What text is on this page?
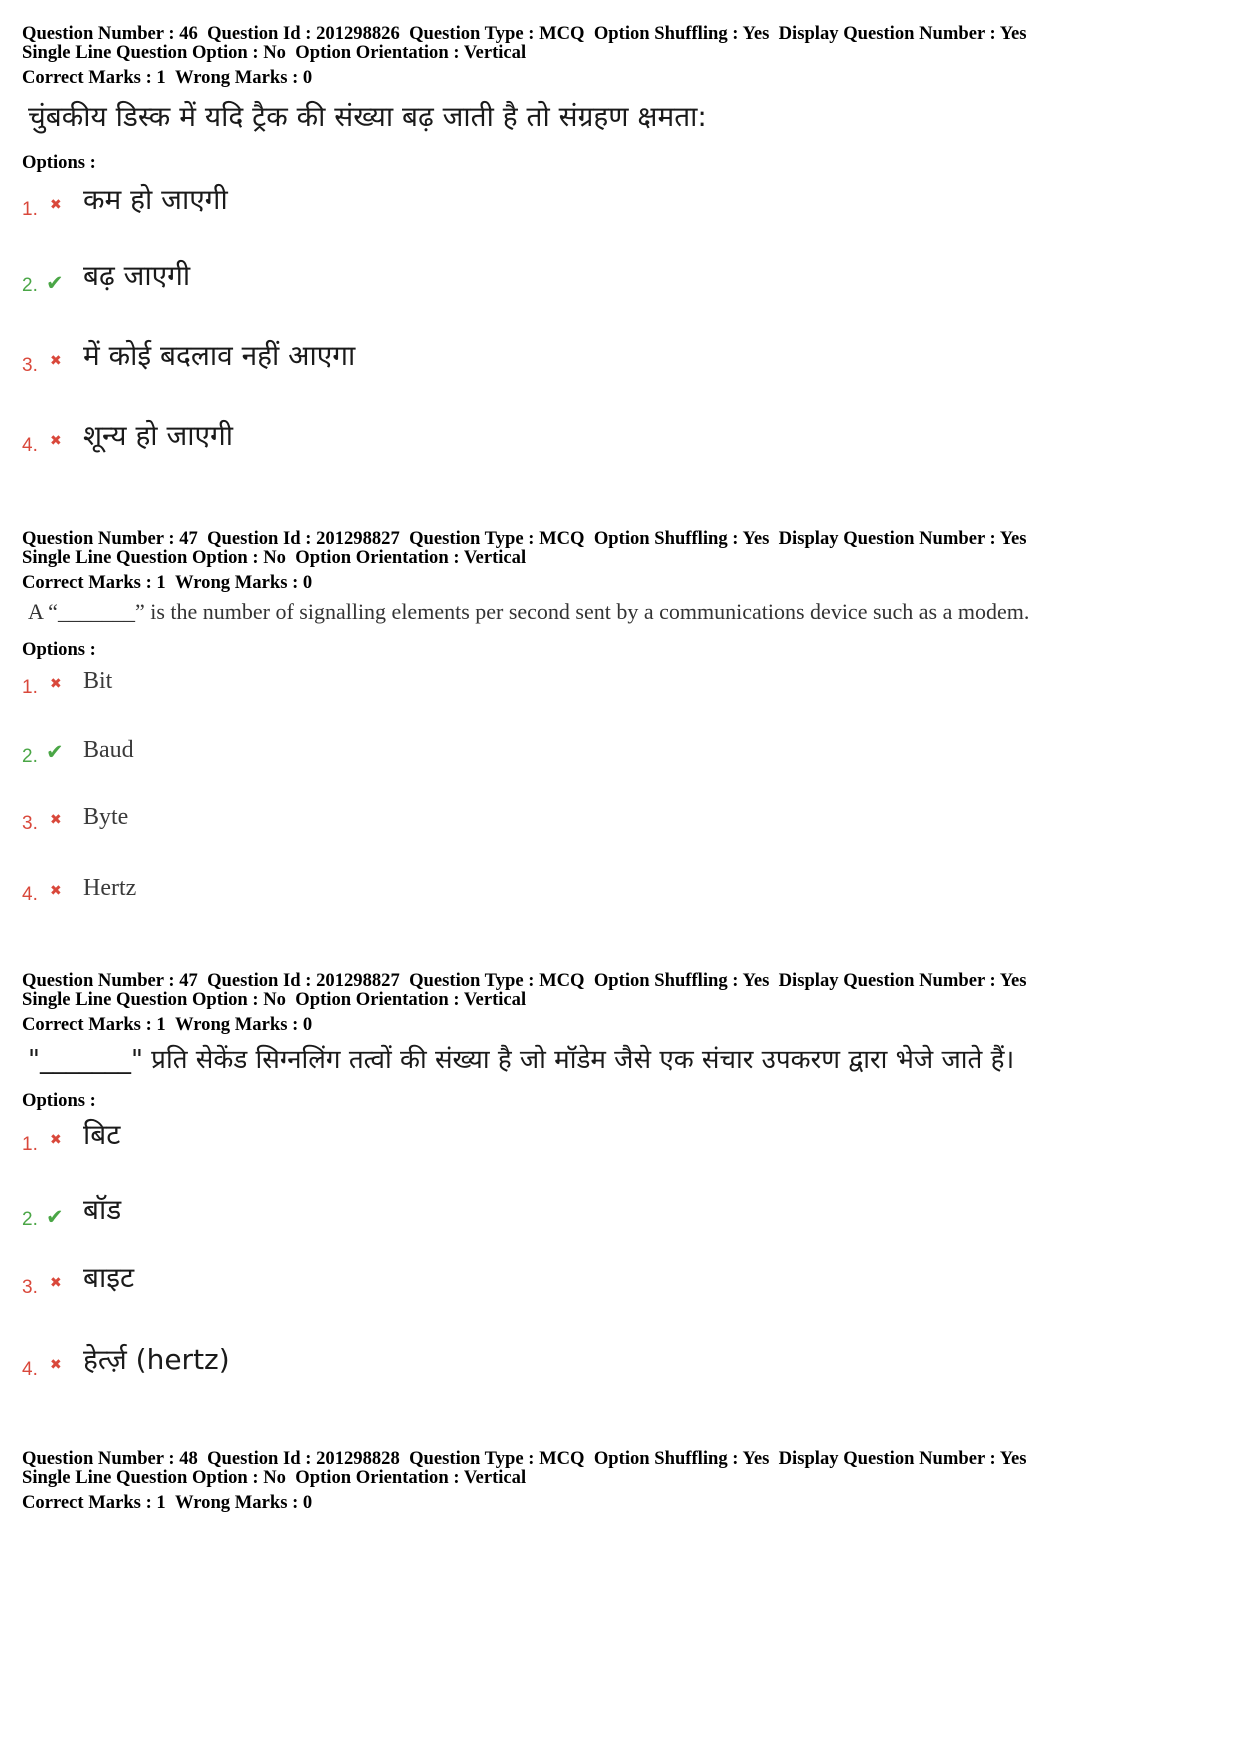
Question Number : 46 Question Id : 201298826 Question Type : MCQ Option Shuffling : Yes Display Question Number : Yes
Single Line Question Option : No Option Orientation : Vertical
Correct Marks : 1 Wrong Marks : 0
चुंबकीय डिस्क में यदि ट्रैक की संख्या बढ़ जाती है तो संग्रहण क्षमता:
Options :
1. ✖ कम हो जाएगी
2. ✔ बढ़ जाएगी
3. ✖ में कोई बदलाव नहीं आएगा
4. ✖ शून्य हो जाएगी
Question Number : 47 Question Id : 201298827 Question Type : MCQ Option Shuffling : Yes Display Question Number : Yes
Single Line Question Option : No Option Orientation : Vertical
Correct Marks : 1 Wrong Marks : 0
A “_______” is the number of signalling elements per second sent by a communications device such as a modem.
Options :
1. ✖ Bit
2. ✔ Baud
3. ✖ Byte
4. ✖ Hertz
Question Number : 47 Question Id : 201298827 Question Type : MCQ Option Shuffling : Yes Display Question Number : Yes
Single Line Question Option : No Option Orientation : Vertical
Correct Marks : 1 Wrong Marks : 0
"_______" प्रति सेकेंड सिग्नलिंग तत्वों की संख्या है जो मॉडेम जैसे एक संचार उपकरण द्वारा भेजे जाते हैं।
Options :
1. ✖ बिट
2. ✔ बॉड
3. ✖ बाइट
4. ✖ हेर्त्ज़ (hertz)
Question Number : 48 Question Id : 201298828 Question Type : MCQ Option Shuffling : Yes Display Question Number : Yes
Single Line Question Option : No Option Orientation : Vertical
Correct Marks : 1 Wrong Marks : 0
